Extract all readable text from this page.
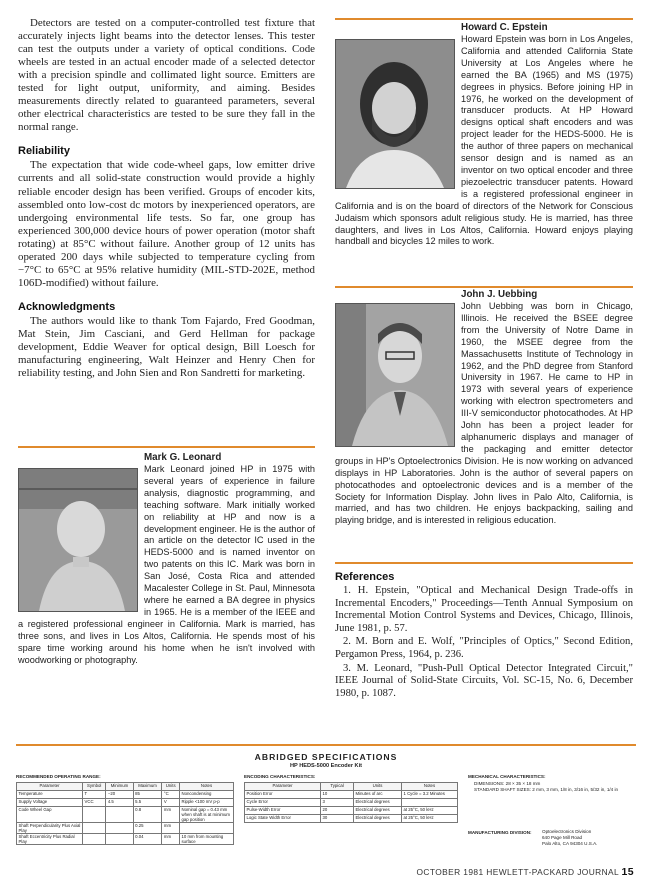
Detectors are tested on a computer-controlled test fixture that accurately injects light beams into the detector lenses. This tester can test the outputs under a variety of optical conditions. Code wheels are tested in an actual encoder made of a selected detector with a precision spindle and collimated light source. Emitters are tested for light output, uniformity, and aiming. Besides measurements directly related to guaranteed parameters, several other electrical characteristics are tested to be sure they fall in the normal range.

Reliability

The expectation that wide code-wheel gaps, low emitter drive currents and all solid-state construction would provide a highly reliable encoder design has been verified. Groups of encoder kits, assembled onto low-cost dc motors by inexperienced operators, are undergoing environmental life tests. So far, one group has experienced 300,000 device hours of power operation (motor shaft rotating) at 85°C without failure. Another group of 12 units has operated 200 days while subjected to temperature cycling from −7°C to 65°C at 95% relative humidity (MIL-STD-202E, method 106D-modified) without failure.

Acknowledgments

The authors would like to thank Tom Fajardo, Fred Goodman, Mat Stein, Jim Casciani, and Gerd Hellman for package development, Eddie Weaver for optical design, Bill Loesch for manufacturing engineering, Walt Heinzer and Henry Chen for reliability testing, and John Sien and Ron Sandretti for marketing.

Mark G. Leonard
Mark Leonard joined HP in 1975 with several years of experience in failure analysis, diagnostic programming, and teaching software. Mark initially worked on reliability at HP and now is a development engineer. He is the author of an article on the detector IC used in the HEDS-5000 and is named inventor on two patents on this IC. Mark was born in San José, Costa Rica and attended Macalester College in St. Paul, Minnesota where he earned a BA degree in physics in 1965. He is a member of the IEEE and a registered professional engineer in California. Mark is married, has three sons, and lives in Los Altos, California. He spends most of his spare time working around his home when he isn't involved with woodworking or photography.

Howard C. Epstein
Howard Epstein was born in Los Angeles, California and attended California State University at Los Angeles where he earned the BA (1965) and MS (1975) degrees in physics. Before joining HP in 1976, he worked on the development of transducer products. At HP Howard designs optical shaft encoders and was project leader for the HEDS-5000. He is the author of three papers on mechanical sensor design and is named as an inventor on two optical encoder and three piezoelectric transducer patents. Howard is a registered professional engineer in California and is on the board of directors of the Network for Conscious Judaism which sponsors adult religious study. He is married, has three daughters, and lives in Los Altos, California. Howard enjoys playing handball and bicycles 12 miles to work.

John J. Uebbing
John Uebbing was born in Chicago, Illinois. He received the BSEE degree from the University of Notre Dame in 1960, the MSEE degree from the Massachusetts Institute of Technology in 1962, and the PhD degree from Stanford University in 1967. He came to HP in 1973 with several years of experience working with electron spectrometers and III-V semiconductor photocathodes. At HP John has been a project leader for alphanumeric displays and manager of the packaging and emitter detector groups in HP's Optoelectronics Division. He is now working on advanced displays in HP Laboratories. John is the author of several papers on photocathodes and optoelectronic devices and is a member of the Society for Information Display. John lives in Palo Alto, California, is married, and has two children. He enjoys backpacking, sailing and playing bridge, and is interested in religious education.

References

1. H. Epstein, "Optical and Mechanical Design Trade-offs in Incremental Encoders," Proceedings—Tenth Annual Symposium on Incremental Motion Control Systems and Devices, Chicago, Illinois, June 1981, p. 57.

2. M. Born and E. Wolf, "Principles of Optics," Second Edition, Pergamon Press, 1964, p. 236.

3. M. Leonard, "Push-Pull Optical Detector Integrated Circuit," IEEE Journal of Solid-State Circuits, Vol. SC-15, No. 6, December 1980, p. 1087.

ABRIDGED SPECIFICATIONS
HP HEDS-5000 Encoder Kit
RECOMMENDED OPERATING RANGE:
Parameter	Symbol	Minimum	Maximum	Units	Notes
Temperature	T	−20	85	°C	Noncondensing
Supply Voltage	VCC	4.5	5.5	V	Ripple <100 mV p-p
Code Wheel Gap			0.8	mm	Nominal gap = 0.43 mm when shaft is at minimum gap position
Shaft Perpendicularity Plus Axial Play			0.25	mm	
Shaft Eccentricity Plus Radial Play			0.04	mm	10 mm from mounting surface
ENCODING CHARACTERISTICS:
Parameter	Typical	Units	Notes
Position Error	10	Minutes of arc	1 Cycle = 3.2 Minutes
Cycle Error	3	Electrical degrees	
Pulse-Width Error	20	Electrical degrees	at 25°C, 50 kHz
Logic State Width Error	30	Electrical degrees	at 25°C, 50 kHz
MECHANICAL CHARACTERISTICS:
DIMENSIONS: 28 × 35 × 18 mm
STANDARD SHAFT SIZES: 2 mm, 3 mm, 1/8 in, 3/16 in, 5/32 in, 1/4 in
MANUFACTURING DIVISION: Optoelectronics Division
640 Page Mill Road
Palo Alto, CA 94304 U.S.A.
OCTOBER 1981 HEWLETT-PACKARD JOURNAL 15
